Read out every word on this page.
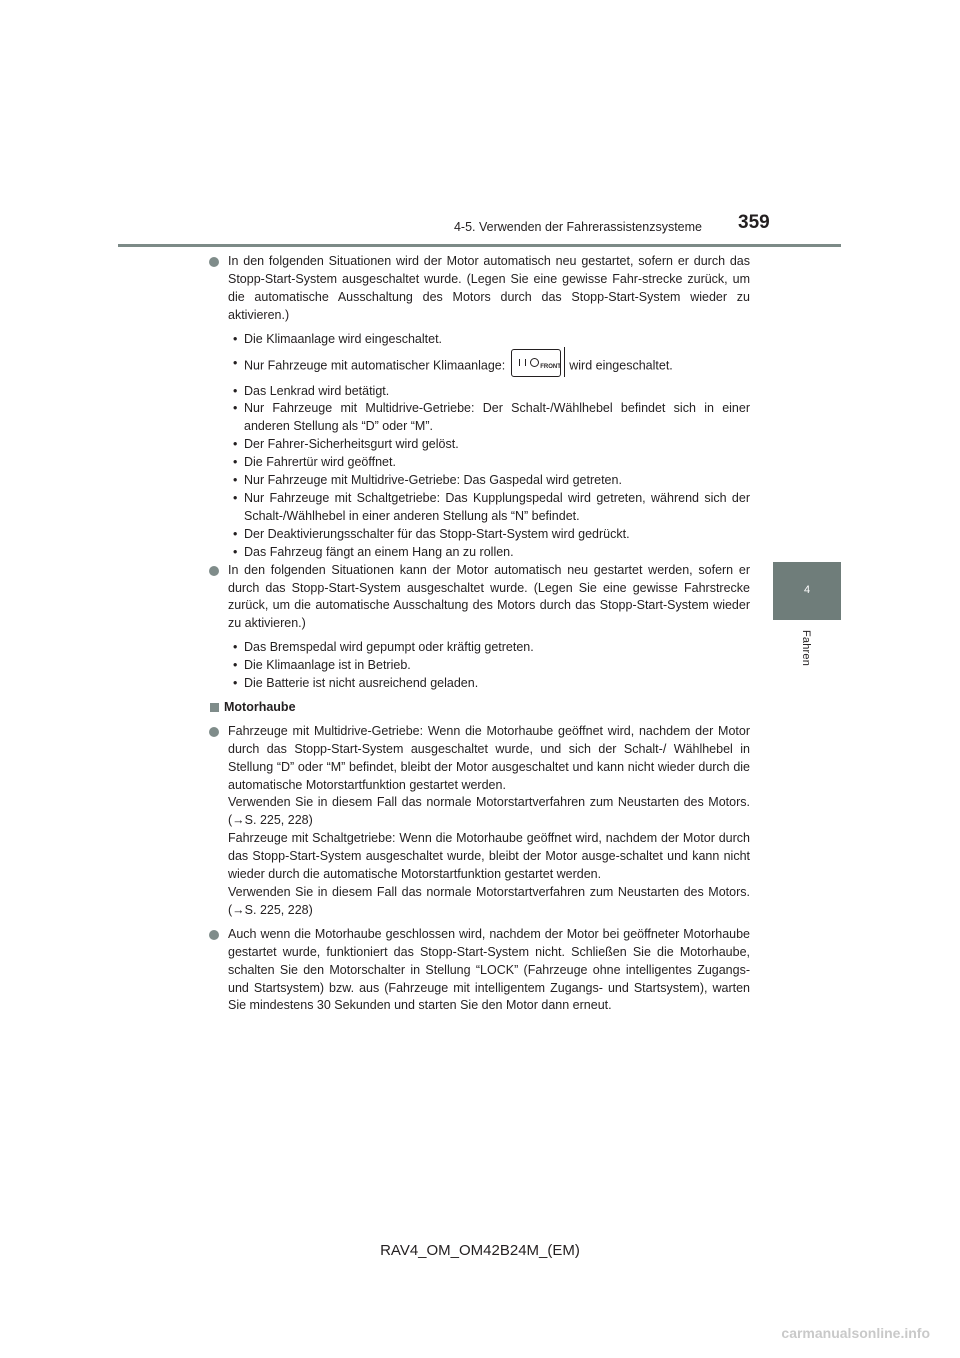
4-5. Verwenden der Fahrerassistenzsysteme 359
4
Fahren
In den folgenden Situationen wird der Motor automatisch neu gestartet, sofern er durch das Stopp-Start-System ausgeschaltet wurde. (Legen Sie eine gewisse Fahr-strecke zurück, um die automatische Ausschaltung des Motors durch das Stopp-Start-System wieder zu aktivieren.)
• Die Klimaanlage wird eingeschaltet.
• Nur Fahrzeuge mit automatischer Klimaanlage:	FRONT wird eingeschaltet.
• Das Lenkrad wird betätigt.
• Nur Fahrzeuge mit Multidrive-Getriebe: Der Schalt-/Wählhebel befindet sich in einer anderen Stellung als “D” oder “M”.
• Der Fahrer-Sicherheitsgurt wird gelöst.
• Die Fahrertür wird geöffnet.
• Nur Fahrzeuge mit Multidrive-Getriebe: Das Gaspedal wird getreten.
• Nur Fahrzeuge mit Schaltgetriebe: Das Kupplungspedal wird getreten, während sich der Schalt-/Wählhebel in einer anderen Stellung als “N” befindet.
• Der Deaktivierungsschalter für das Stopp-Start-System wird gedrückt.
• Das Fahrzeug fängt an einem Hang an zu rollen.
In den folgenden Situationen kann der Motor automatisch neu gestartet werden, sofern er durch das Stopp-Start-System ausgeschaltet wurde. (Legen Sie eine gewisse Fahrstrecke zurück, um die automatische Ausschaltung des Motors durch das Stopp-Start-System wieder zu aktivieren.)
• Das Bremspedal wird gepumpt oder kräftig getreten.
• Die Klimaanlage ist in Betrieb.
• Die Batterie ist nicht ausreichend geladen.
Motorhaube
Fahrzeuge mit Multidrive-Getriebe: Wenn die Motorhaube geöffnet wird, nachdem der Motor durch das Stopp-Start-System ausgeschaltet wurde, und sich der Schalt-/ Wählhebel in Stellung “D” oder “M” befindet, bleibt der Motor ausgeschaltet und kann nicht wieder durch die automatische Motorstartfunktion gestartet werden.
Verwenden Sie in diesem Fall das normale Motorstartverfahren zum Neustarten des Motors. (→S. 225, 228)
Fahrzeuge mit Schaltgetriebe: Wenn die Motorhaube geöffnet wird, nachdem der Motor durch das Stopp-Start-System ausgeschaltet wurde, bleibt der Motor ausge-schaltet und kann nicht wieder durch die automatische Motorstartfunktion gestartet werden.
Verwenden Sie in diesem Fall das normale Motorstartverfahren zum Neustarten des Motors. (→S. 225, 228)
Auch wenn die Motorhaube geschlossen wird, nachdem der Motor bei geöffneter Motorhaube gestartet wurde, funktioniert das Stopp-Start-System nicht. Schließen Sie die Motorhaube, schalten Sie den Motorschalter in Stellung “LOCK” (Fahrzeuge ohne intelligentes Zugangs- und Startsystem) bzw. aus (Fahrzeuge mit intelligentem Zugangs- und Startsystem), warten Sie mindestens 30 Sekunden und starten Sie den Motor dann erneut.
RAV4_OM_OM42B24M_(EM)
carmanualsonline.info
